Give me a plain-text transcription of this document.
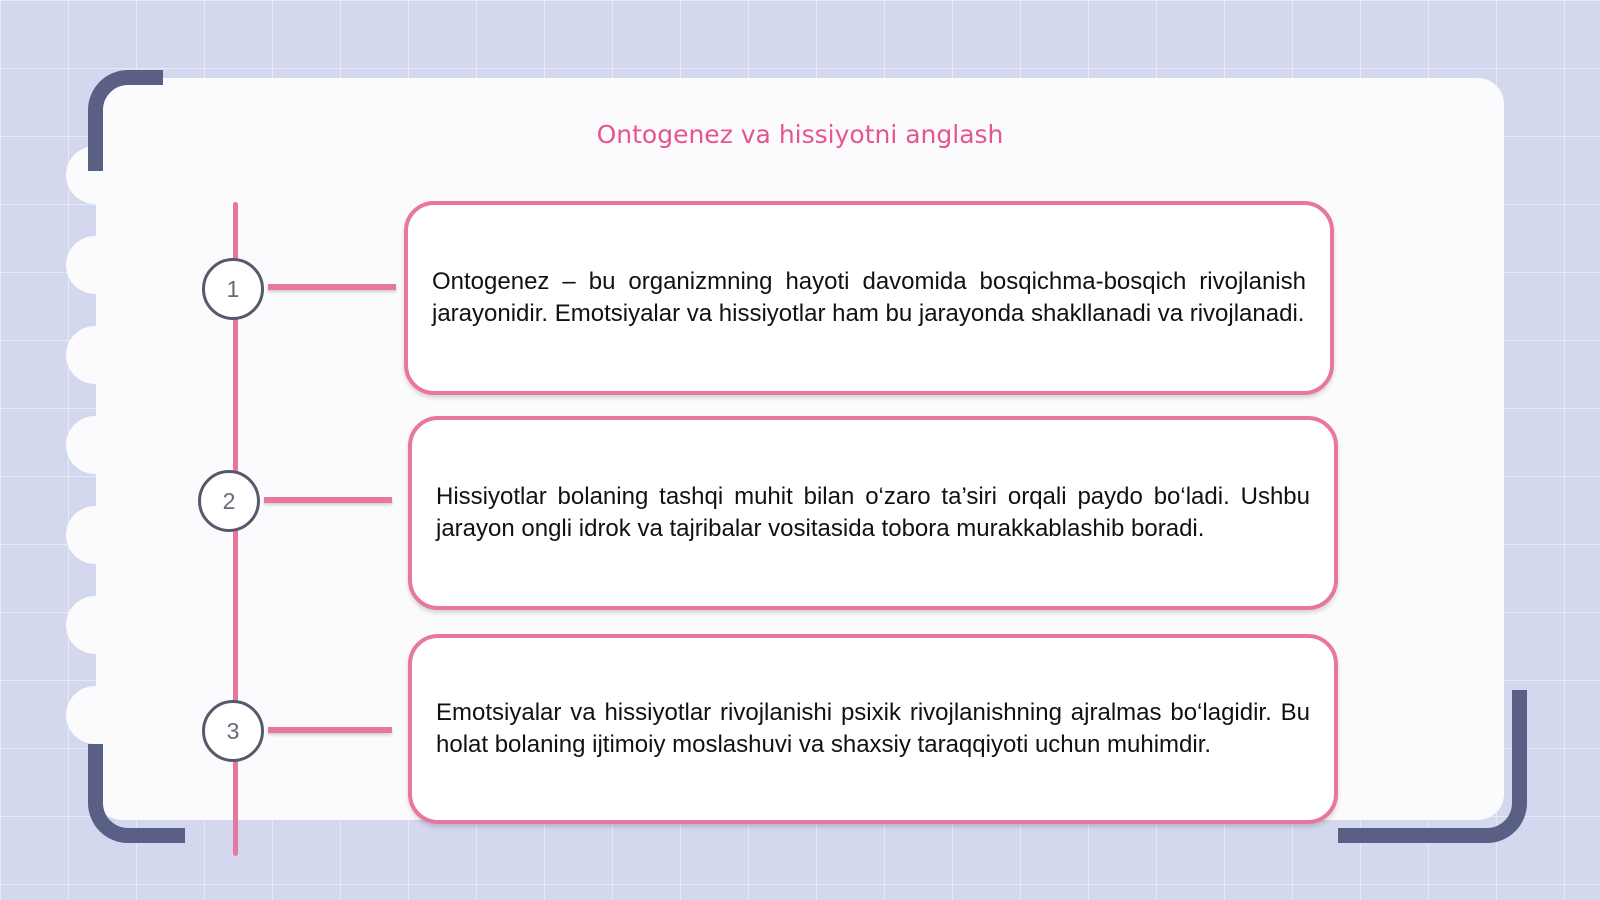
Ontogenez va hissiyotni anglash
1
2
3

Ontogenez – bu organizmning hayoti davomida bosqichma-bosqich rivojlanish jarayonidir. Emotsiyalar va hissiyotlar ham bu jarayonda shakllanadi va rivojlanadi.

Hissiyotlar bolaning tashqi muhit bilan o‘zaro ta’siri orqali paydo bo‘ladi. Ushbu jarayon ongli idrok va tajribalar vositasida tobora murakkablashib boradi.

Emotsiyalar va hissiyotlar rivojlanishi psixik rivojlanishning ajralmas bo‘lagidir. Bu holat bolaning ijtimoiy moslashuvi va shaxsiy taraqqiyoti uchun muhimdir.
